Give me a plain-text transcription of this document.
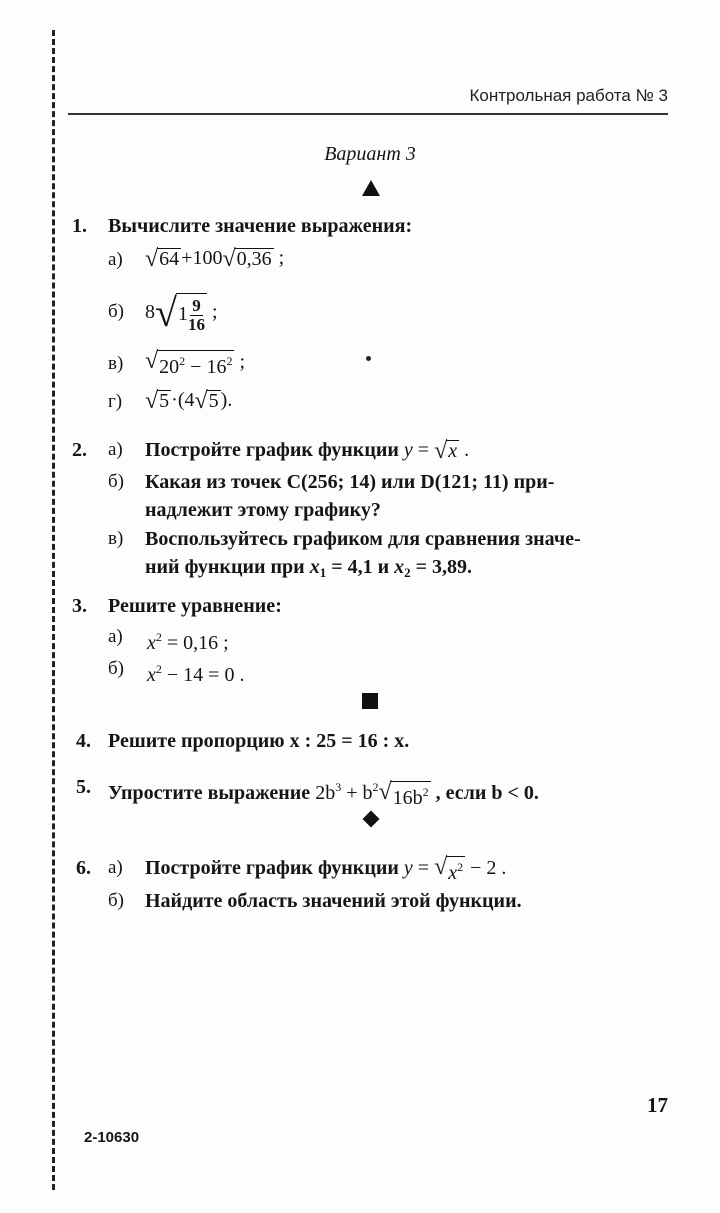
Контрольная работа № 3
Вариант 3
1. Вычислите значение выражения:
а) √ 64 +100 √ 0,36 ;
б) 8 √ $1 \frac{9}{16}$ ;
в) √ $20^2 - 16^2$ ;
г) √ 5 ·(4 √ 5 ).
2. а) Постройте график функции y = √ x .
б) Какая из точек C(256; 14) или D(121; 11) при-
надлежит этому графику?
в) Воспользуйтесь графиком для сравнения значе-
ний функции при $x_1 = 4,1$ и $x_2 = 3,89$.
3. Решите уравнение:
а) $x^2 = 0,16$ ;
б) $x^2 - 14 = 0$ .
4. Решите пропорцию x : 25 = 16 : x.
5. Упростите выражение $2b^3 + b^2$ √ $16b^2$ , если b < 0.
6. а) Постройте график функции y = √ $x^2 - 2$ .
б) Найдите область значений этой функции.
2-10630
17
